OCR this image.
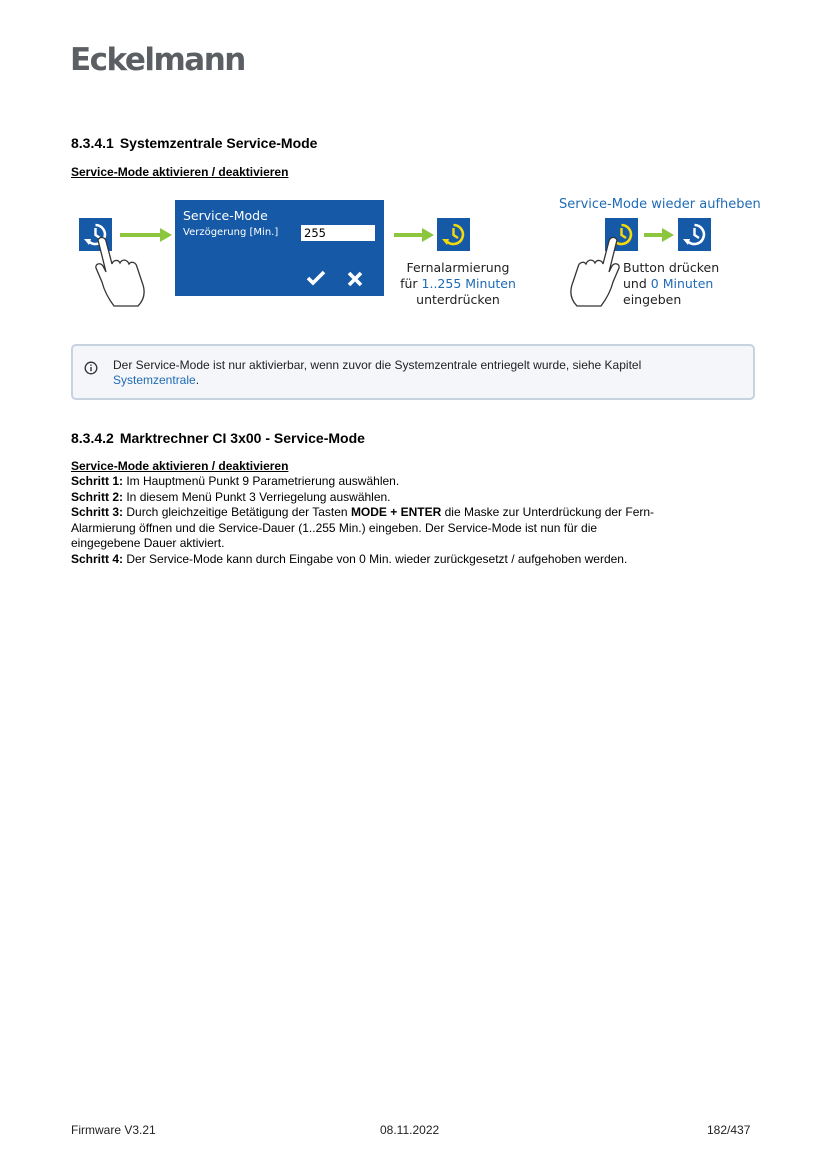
Eckelmann
8.3.4.1 Systemzentrale Service-Mode
Service-Mode aktivieren / deaktivieren
Service-Mode
Verzögerung [Min.] 255
Fernalarmierung
für 1..255 Minuten
unterdrücken
Service-Mode wieder aufheben
Button drücken
und 0 Minuten
eingeben
Der Service-Mode ist nur aktivierbar, wenn zuvor die Systemzentrale entriegelt wurde, siehe Kapitel
Systemzentrale.
8.3.4.2 Marktrechner CI 3x00 - Service-Mode
Service-Mode aktivieren / deaktivieren
Schritt 1: Im Hauptmenü Punkt 9 Parametrierung auswählen.
Schritt 2: In diesem Menü Punkt 3 Verriegelung auswählen.
Schritt 3: Durch gleichzeitige Betätigung der Tasten MODE + ENTER die Maske zur Unterdrückung der Fern-
Alarmierung öffnen und die Service-Dauer (1..255 Min.) eingeben. Der Service-Mode ist nun für die
eingegebene Dauer aktiviert.
Schritt 4: Der Service-Mode kann durch Eingabe von 0 Min. wieder zurückgesetzt / aufgehoben werden.
Firmware V3.21	08.11.2022	182/437
